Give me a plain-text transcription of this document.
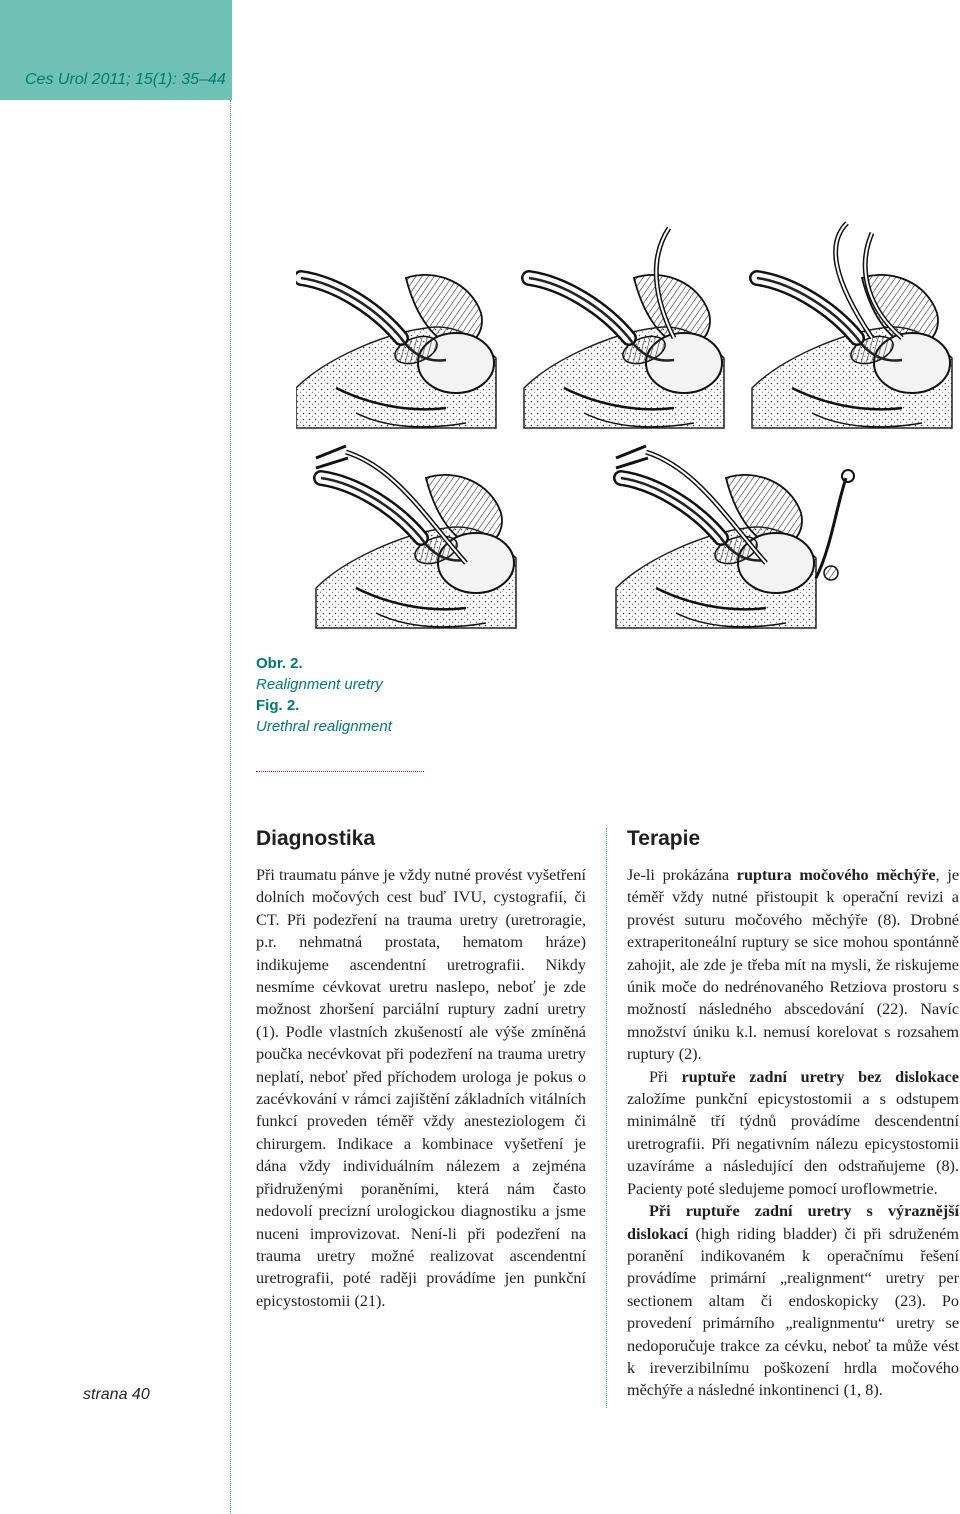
Ces Urol 2011; 15(1): 35–44
Obr. 2.
Realignment uretry
Fig. 2.
Urethral realignment
Diagnostika

Při traumatu pánve je vždy nutné provést vyšetření dolních močových cest buď IVU, cystografií, či CT. Při podezření na trauma uretry (uretroragie, p.r. nehmatná prostata, hematom hráze) indikujeme ascendentní uretrografii. Nikdy nesmíme cévkovat uretru naslepo, neboť je zde možnost zhoršení parciální ruptury zadní uretry (1). Podle vlastních zkušeností ale výše zmíněná poučka necévkovat při podezření na trauma uretry neplatí, neboť před příchodem urologa je pokus o zacévkování v rámci zajištění základních vitálních funkcí proveden téměř vždy anesteziologem či chirurgem. Indikace a kombinace vyšetření je dána vždy individuálním nálezem a zejména přidruženými poraněními, která nám často nedovolí precizní urologickou diagnostiku a jsme nuceni improvizovat. Není-li při podezření na trauma uretry možné realizovat ascendentní uretrografii, poté raději provádíme jen punkční epicystostomii (21).

Terapie

Je-li prokázána ruptura močového měchýře, je téměř vždy nutné přistoupit k operační revizi a provést suturu močového měchýře (8). Drobné extraperitoneální ruptury se sice mohou spontánně zahojit, ale zde je třeba mít na mysli, že riskujeme únik moče do nedrénovaného Retziova prostoru s možností následného abscedování (22). Navíc množství úniku k.l. nemusí korelovat s rozsahem ruptury (2).

Při ruptuře zadní uretry bez dislokace založíme punkční epicystostomii a s odstupem minimálně tří týdnů provádíme descendentní uretrografii. Při negativním nálezu epicystostomii uzavíráme a následující den odstraňujeme (8). Pacienty poté sledujeme pomocí uroflowmetrie.

Při ruptuře zadní uretry s výraznější dislokací (high riding bladder) či při sdruženém poranění indikovaném k operačnímu řešení provádíme primární „realignment“ uretry per sectionem altam či endoskopicky (23). Po provedení primárního „realignmentu“ uretry se nedoporučuje trakce za cévku, neboť ta může vést k ireverzibilnímu poškození hrdla močového měchýře a následné inkontinenci (1, 8).

strana 40
